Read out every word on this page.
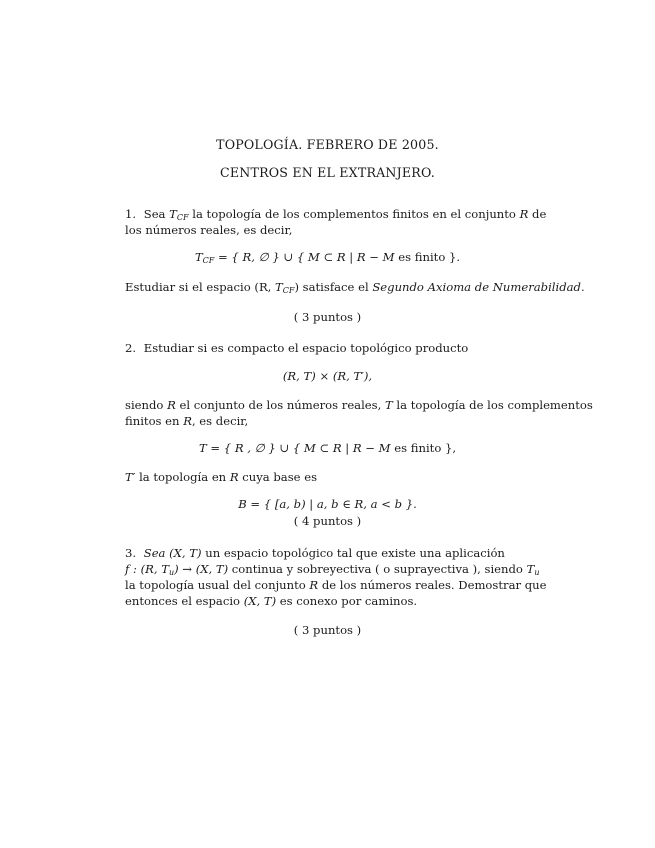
TOPOLOGÍA. FEBRERO DE 2005.
CENTROS EN EL EXTRANJERO.
1. Sea $T_{CF}$ la topología de los complementos finitos en el conjunto R de
los números reales, es decir,
$T_{CF}$ = { R, ∅ } ∪ { M ⊂ R | R − M es finito }.
Estudiar si el espacio (R, $T_{CF}$) satisface el Segundo Axioma de Numerabilidad.
( 3 puntos )
2. Estudiar si es compacto el espacio topológico producto
(R, T) × (R, T′),
siendo R el conjunto de los números reales, T la topología de los complementos
finitos en R, es decir,
T = { R , ∅ } ∪ { M ⊂ R | R − M es finito },
T′ la topología en R cuya base es
B = { [a, b) | a, b ∈ R, a < b }.
( 4 puntos )
3. Sea (X, T) un espacio topológico tal que existe una aplicación
f : (R, $T_u) \to (X$, T) continua y sobreyectiva ( o suprayectiva ), siendo $T_u$
la topología usual del conjunto R de los números reales. Demostrar que
entonces el espacio (X, T) es conexo por caminos.
( 3 puntos )
